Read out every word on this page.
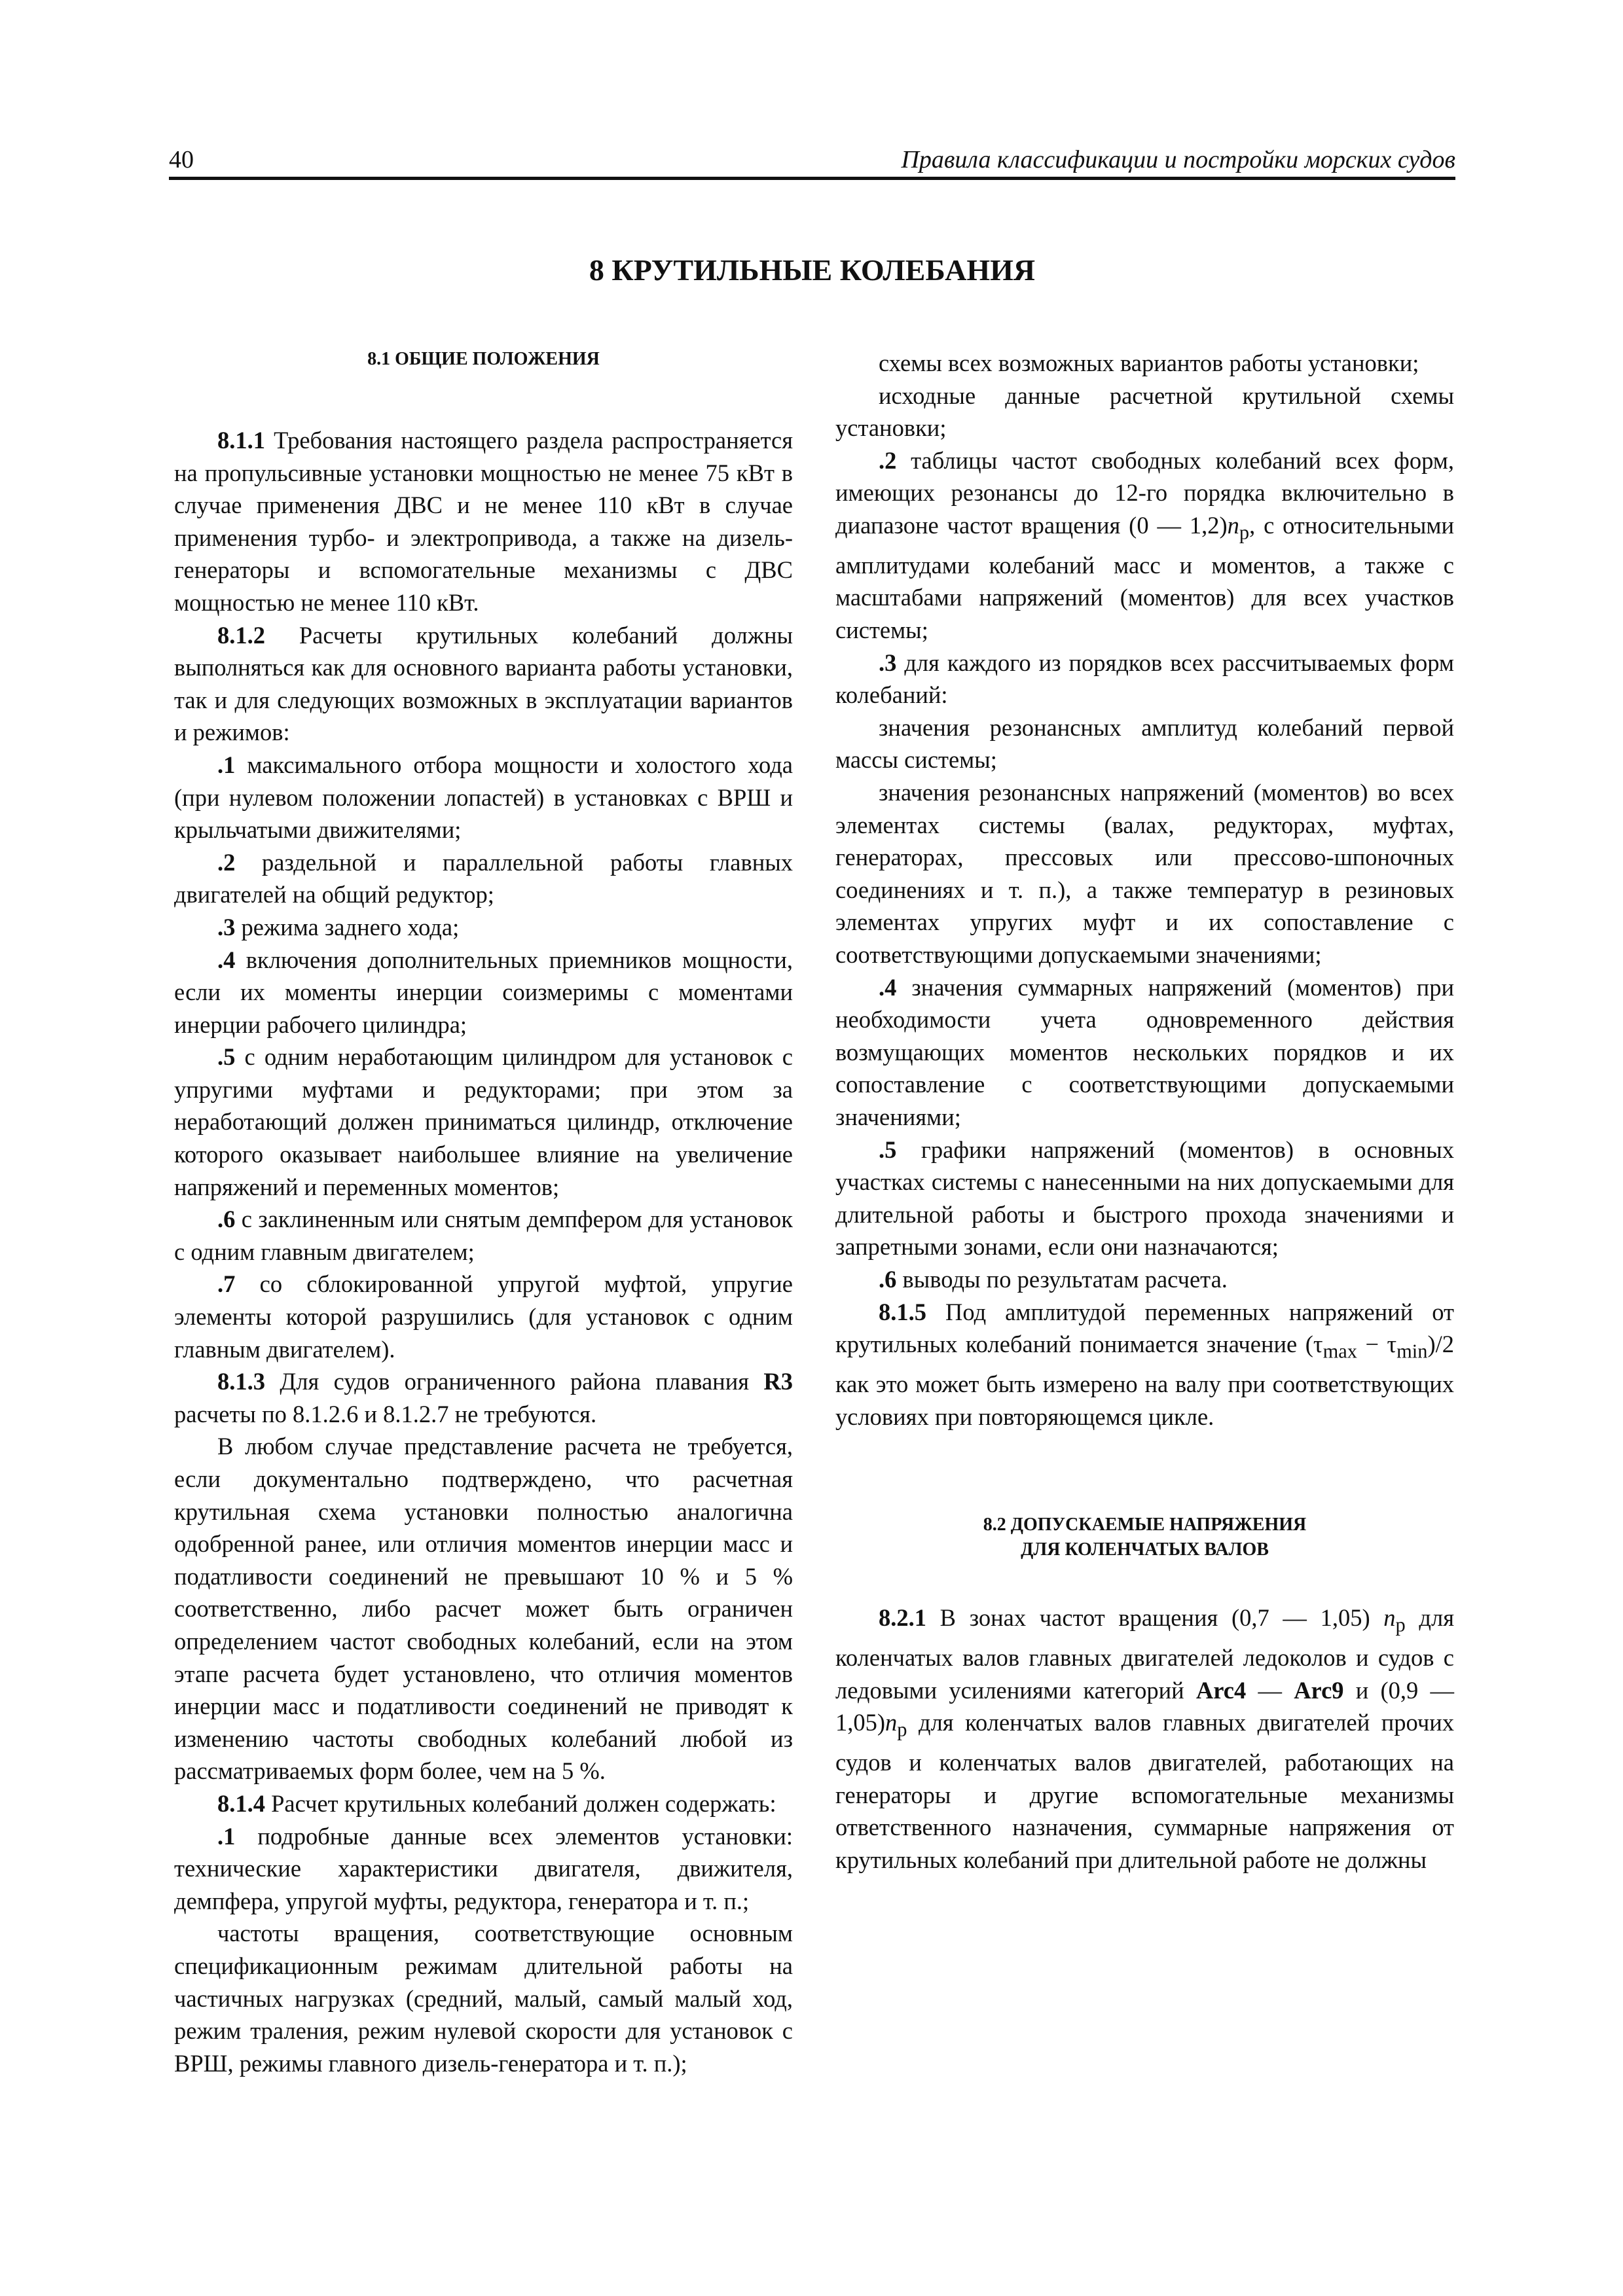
40	Правила классификации и постройки морских судов
8 КРУТИЛЬНЫЕ КОЛЕБАНИЯ
8.1 ОБЩИЕ ПОЛОЖЕНИЯ

8.1.1 Требования настоящего раздела распространяется на пропульсивные установки мощностью не менее 75 кВт в случае применения ДВС и не менее 110 кВт в случае применения турбо- и электропривода, а также на дизель-генераторы и вспомогательные механизмы с ДВС мощностью не менее 110 кВт.

8.1.2 Расчеты крутильных колебаний должны выполняться как для основного варианта работы установки, так и для следующих возможных в эксплуатации вариантов и режимов:

.1 максимального отбора мощности и холостого хода (при нулевом положении лопастей) в установках с ВРШ и крыльчатыми движителями;

.2 раздельной и параллельной работы главных двигателей на общий редуктор;

.3 режима заднего хода;

.4 включения дополнительных приемников мощности, если их моменты инерции соизмеримы с моментами инерции рабочего цилиндра;

.5 с одним неработающим цилиндром для установок с упругими муфтами и редукторами; при этом за неработающий должен приниматься цилиндр, отключение которого оказывает наибольшее влияние на увеличение напряжений и переменных моментов;

.6 с заклиненным или снятым демпфером для установок с одним главным двигателем;

.7 со сблокированной упругой муфтой, упругие элементы которой разрушились (для установок с одним главным двигателем).

8.1.3 Для судов ограниченного района плавания R3 расчеты по 8.1.2.6 и 8.1.2.7 не требуются.

В любом случае представление расчета не требуется, если документально подтверждено, что расчетная крутильная схема установки полностью аналогична одобренной ранее, или отличия моментов инерции масс и податливости соединений не превышают 10 % и 5 % соответственно, либо расчет может быть ограничен определением частот свободных колебаний, если на этом этапе расчета будет установлено, что отличия моментов инерции масс и податливости соединений не приводят к изменению частоты свободных колебаний любой из рассматриваемых форм более, чем на 5 %.

8.1.4 Расчет крутильных колебаний должен содержать:

.1 подробные данные всех элементов установки: технические характеристики двигателя, движителя, демпфера, упругой муфты, редуктора, генератора и т. п.;

частоты вращения, соответствующие основным спецификационным режимам длительной работы на частичных нагрузках (средний, малый, самый малый ход, режим траления, режим нулевой скорости для установок с ВРШ, режимы главного дизель-генератора и т. п.);

схемы всех возможных вариантов работы установки;

исходные данные расчетной крутильной схемы установки;

.2 таблицы частот свободных колебаний всех форм, имеющих резонансы до 12-го порядка включительно в диапазоне частот вращения (0 — $1,2)n_р$, с относительными амплитудами колебаний масс и моментов, а также с масштабами напряжений (моментов) для всех участков системы;

.3 для каждого из порядков всех рассчитываемых форм колебаний:

значения резонансных амплитуд колебаний первой массы системы;

значения резонансных напряжений (моментов) во всех элементах системы (валах, редукторах, муфтах, генераторах, прессовых или прессово-шпоночных соединениях и т. п.), а также температур в резиновых элементах упругих муфт и их сопоставление с соответствующими допускаемыми значениями;

.4 значения суммарных напряжений (моментов) при необходимости учета одновременного действия возмущающих моментов нескольких порядков и их сопоставление с соответствующими допускаемыми значениями;

.5 графики напряжений (моментов) в основных участках системы с нанесенными на них допускаемыми для длительной работы и быстрого прохода значениями и запретными зонами, если они назначаются;

.6 выводы по результатам расчета.

8.1.5 Под амплитудой переменных напряжений от крутильных колебаний понимается значение $(\tau_{max} - \tau_{min})/2$ как это может быть измерено на валу при соответствующих условиях при повторяющемся цикле.

8.2 ДОПУСКАЕМЫЕ НАПРЯЖЕНИЯ
ДЛЯ КОЛЕНЧАТЫХ ВАЛОВ

8.2.1 В зонах частот вращения (0,7 — 1,05) $n_р$ для коленчатых валов главных двигателей ледоколов и судов с ледовыми усилениями категорий Arc4 — Arc9 и (0,9 — $1,05)n_р$ для коленчатых валов главных двигателей прочих судов и коленчатых валов двигателей, работающих на генераторы и другие вспомогательные механизмы ответственного назначения, суммарные напряжения от крутильных колебаний при длительной работе не должны
